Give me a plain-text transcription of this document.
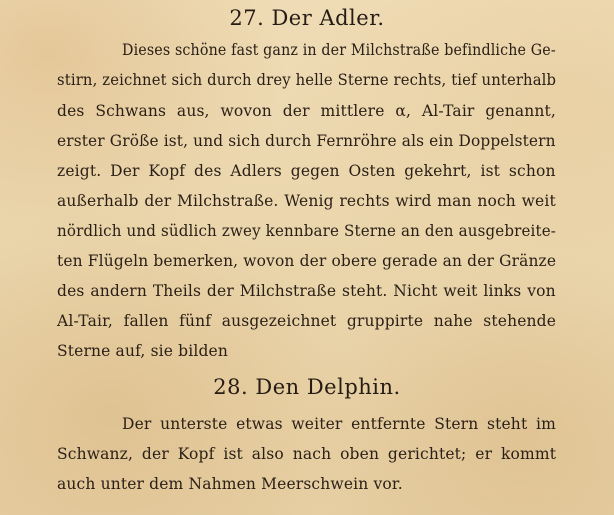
27. Der Adler.
Dieses schöne fast ganz in der Milchstraße befindliche Ge-
stirn, zeichnet sich durch drey helle Sterne rechts, tief unterhalb
des Schwans aus, wovon der mittlere α, Al-Tair genannt,
erster Größe ist, und sich durch Fernröhre als ein Doppelstern
zeigt. Der Kopf des Adlers gegen Osten gekehrt, ist schon
außerhalb der Milchstraße. Wenig rechts wird man noch weit
nördlich und südlich zwey kennbare Sterne an den ausgebreite-
ten Flügeln bemerken, wovon der obere gerade an der Gränze
des andern Theils der Milchstraße steht. Nicht weit links von
Al-Tair, fallen fünf ausgezeichnet gruppirte nahe stehende
Sterne auf, sie bilden
28. Den Delphin.
Der unterste etwas weiter entfernte Stern steht im
Schwanz, der Kopf ist also nach oben gerichtet; er kommt
auch unter dem Nahmen Meerschwein vor.
